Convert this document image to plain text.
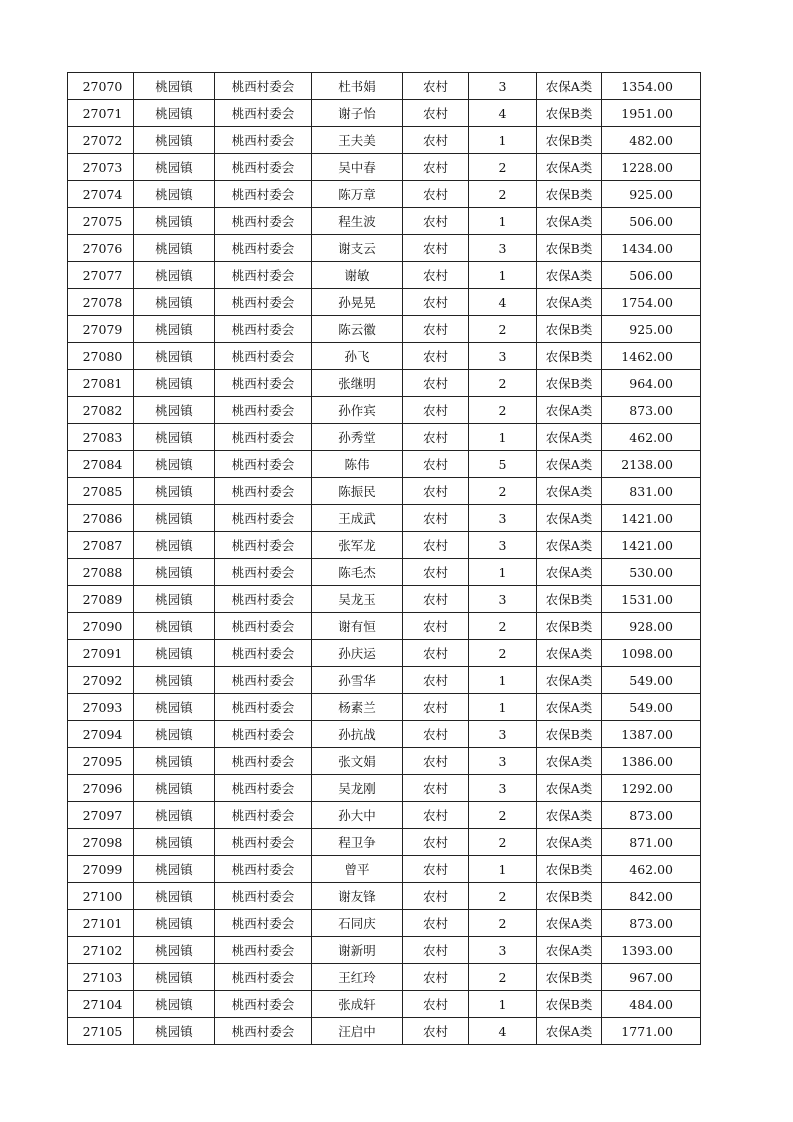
27070	桃园镇	桃西村委会	杜书娟	农村	3	农保A类	1354.00
27071	桃园镇	桃西村委会	谢子怡	农村	4	农保B类	1951.00
27072	桃园镇	桃西村委会	王夫美	农村	1	农保B类	482.00
27073	桃园镇	桃西村委会	吴中春	农村	2	农保A类	1228.00
27074	桃园镇	桃西村委会	陈万章	农村	2	农保B类	925.00
27075	桃园镇	桃西村委会	程生波	农村	1	农保A类	506.00
27076	桃园镇	桃西村委会	谢支云	农村	3	农保B类	1434.00
27077	桃园镇	桃西村委会	谢敏	农村	1	农保A类	506.00
27078	桃园镇	桃西村委会	孙晃晃	农村	4	农保A类	1754.00
27079	桃园镇	桃西村委会	陈云徽	农村	2	农保B类	925.00
27080	桃园镇	桃西村委会	孙飞	农村	3	农保B类	1462.00
27081	桃园镇	桃西村委会	张继明	农村	2	农保B类	964.00
27082	桃园镇	桃西村委会	孙作宾	农村	2	农保A类	873.00
27083	桃园镇	桃西村委会	孙秀堂	农村	1	农保A类	462.00
27084	桃园镇	桃西村委会	陈伟	农村	5	农保A类	2138.00
27085	桃园镇	桃西村委会	陈振民	农村	2	农保A类	831.00
27086	桃园镇	桃西村委会	王成武	农村	3	农保A类	1421.00
27087	桃园镇	桃西村委会	张军龙	农村	3	农保A类	1421.00
27088	桃园镇	桃西村委会	陈毛杰	农村	1	农保A类	530.00
27089	桃园镇	桃西村委会	吴龙玉	农村	3	农保B类	1531.00
27090	桃园镇	桃西村委会	谢有恒	农村	2	农保B类	928.00
27091	桃园镇	桃西村委会	孙庆运	农村	2	农保A类	1098.00
27092	桃园镇	桃西村委会	孙雪华	农村	1	农保A类	549.00
27093	桃园镇	桃西村委会	杨素兰	农村	1	农保A类	549.00
27094	桃园镇	桃西村委会	孙抗战	农村	3	农保B类	1387.00
27095	桃园镇	桃西村委会	张文娟	农村	3	农保A类	1386.00
27096	桃园镇	桃西村委会	吴龙刚	农村	3	农保A类	1292.00
27097	桃园镇	桃西村委会	孙大中	农村	2	农保A类	873.00
27098	桃园镇	桃西村委会	程卫争	农村	2	农保A类	871.00
27099	桃园镇	桃西村委会	曾平	农村	1	农保B类	462.00
27100	桃园镇	桃西村委会	谢友锋	农村	2	农保B类	842.00
27101	桃园镇	桃西村委会	石同庆	农村	2	农保A类	873.00
27102	桃园镇	桃西村委会	谢新明	农村	3	农保A类	1393.00
27103	桃园镇	桃西村委会	王红玲	农村	2	农保B类	967.00
27104	桃园镇	桃西村委会	张成轩	农村	1	农保B类	484.00
27105	桃园镇	桃西村委会	汪启中	农村	4	农保A类	1771.00
